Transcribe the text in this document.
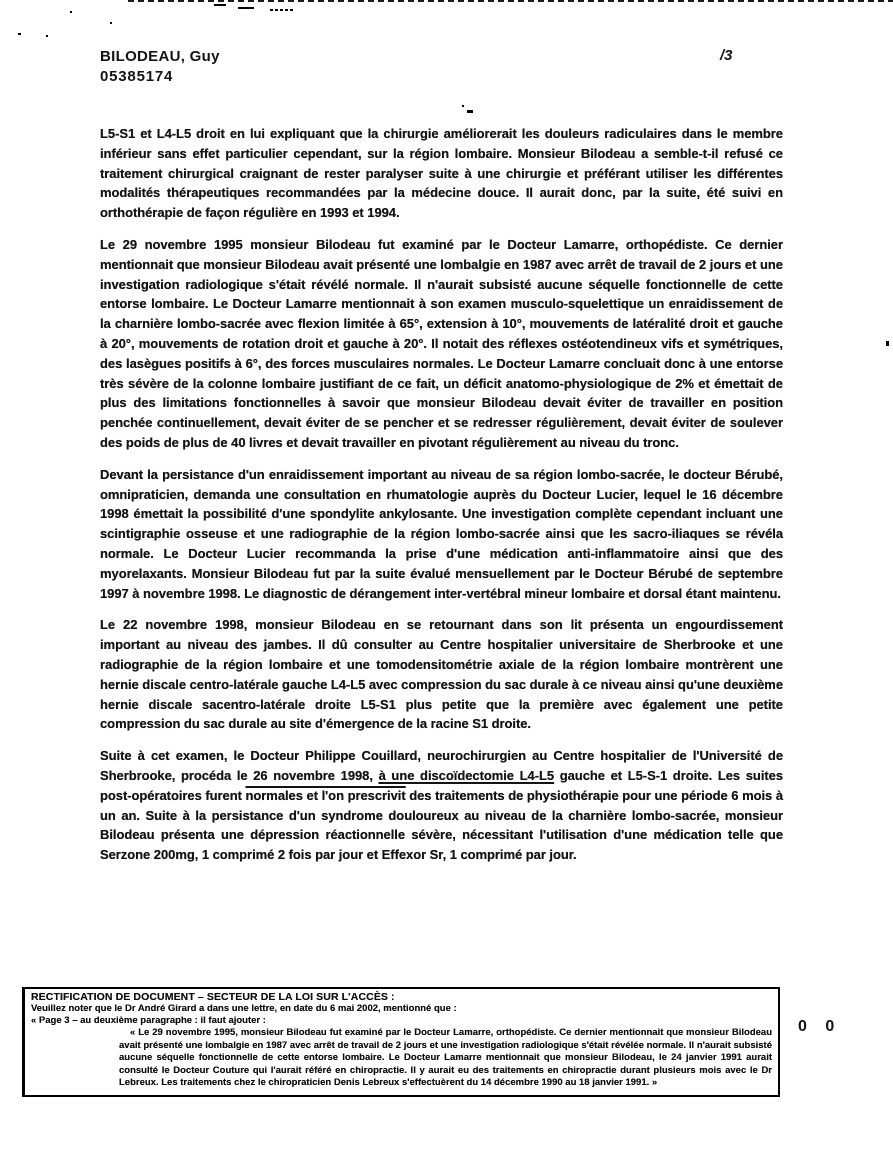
BILODEAU, Guy
05385174
/3

L5-S1 et L4-L5 droit en lui expliquant que la chirurgie améliorerait les douleurs radiculaires dans le membre inférieur sans effet particulier cependant, sur la région lombaire. Monsieur Bilodeau a semble-t-il refusé ce traitement chirurgical craignant de rester paralyser suite à une chirurgie et préférant utiliser les différentes modalités thérapeutiques recommandées par la médecine douce. Il aurait donc, par la suite, été suivi en orthothérapie de façon régulière en 1993 et 1994.

Le 29 novembre 1995 monsieur Bilodeau fut examiné par le Docteur Lamarre, orthopédiste. Ce dernier mentionnait que monsieur Bilodeau avait présenté une lombalgie en 1987 avec arrêt de travail de 2 jours et une investigation radiologique s'était révélé normale. Il n'aurait subsisté aucune séquelle fonctionnelle de cette entorse lombaire. Le Docteur Lamarre mentionnait à son examen musculo-squelettique un enraidissement de la charnière lombo-sacrée avec flexion limitée à 65°, extension à 10°, mouvements de latéralité droit et gauche à 20°, mouvements de rotation droit et gauche à 20°. Il notait des réflexes ostéotendineux vifs et symétriques, des lasègues positifs à 6°, des forces musculaires normales. Le Docteur Lamarre concluait donc à une entorse très sévère de la colonne lombaire justifiant de ce fait, un déficit anatomo-physiologique de 2% et émettait de plus des limitations fonctionnelles à savoir que monsieur Bilodeau devait éviter de travailler en position penchée continuellement, devait éviter de se pencher et se redresser régulièrement, devait éviter de soulever des poids de plus de 40 livres et devait travailler en pivotant régulièrement au niveau du tronc.

Devant la persistance d'un enraidissement important au niveau de sa région lombo-sacrée, le docteur Bérubé, omnipraticien, demanda une consultation en rhumatologie auprès du Docteur Lucier, lequel le 16 décembre 1998 émettait la possibilité d'une spondylite ankylosante. Une investigation complète cependant incluant une scintigraphie osseuse et une radiographie de la région lombo-sacrée ainsi que les sacro-iliaques se révéla normale. Le Docteur Lucier recommanda la prise d'une médication anti-inflammatoire ainsi que des myorelaxants. Monsieur Bilodeau fut par la suite évalué mensuellement par le Docteur Bérubé de septembre 1997 à novembre 1998. Le diagnostic de dérangement inter-vertébral mineur lombaire et dorsal étant maintenu.

Le 22 novembre 1998, monsieur Bilodeau en se retournant dans son lit présenta un engourdissement important au niveau des jambes. Il dû consulter au Centre hospitalier universitaire de Sherbrooke et une radiographie de la région lombaire et une tomodensitométrie axiale de la région lombaire montrèrent une hernie discale centro-latérale gauche L4-L5 avec compression du sac durale à ce niveau ainsi qu'une deuxième hernie discale sacentro-latérale droite L5-S1 plus petite que la première avec également une petite compression du sac durale au site d'émergence de la racine S1 droite.

Suite à cet examen, le Docteur Philippe Couillard, neurochirurgien au Centre hospitalier de l'Université de Sherbrooke, procéda le 26 novembre 1998, à une discoïdectomie L4-L5 gauche et L5-S-1 droite. Les suites post-opératoires furent normales et l'on prescrivit des traitements de physiothérapie pour une période 6 mois à un an. Suite à la persistance d'un syndrome douloureux au niveau de la charnière lombo-sacrée, monsieur Bilodeau présenta une dépression réactionnelle sévère, nécessitant l'utilisation d'une médication telle que Serzone 200mg, 1 comprimé 2 fois par jour et Effexor Sr, 1 comprimé par jour.

RECTIFICATION DE DOCUMENT – SECTEUR DE LA LOI SUR L'ACCÈS :
Veuillez noter que le Dr André Girard a dans une lettre, en date du 6 mai 2002, mentionné que :
« Page 3 – au deuxième paragraphe : il faut ajouter :
« Le 29 novembre 1995, monsieur Bilodeau fut examiné par le Docteur Lamarre, orthopédiste. Ce dernier mentionnait que monsieur Bilodeau avait présenté une lombalgie en 1987 avec arrêt de travail de 2 jours et une investigation radiologique s'était révélée normale. Il n'aurait subsisté aucune séquelle fonctionnelle de cette entorse lombaire. Le Docteur Lamarre mentionnait que monsieur Bilodeau, le 24 janvier 1991 aurait consulté le Docteur Couture qui l'aurait référé en chiropractie. Il y aurait eu des traitements en chiropractie durant plusieurs mois avec le Dr Lebreux. Les traitements chez le chiropraticien Denis Lebreux s'effectuèrent du 14 décembre 1990 au 18 janvier 1991. »
0 0
